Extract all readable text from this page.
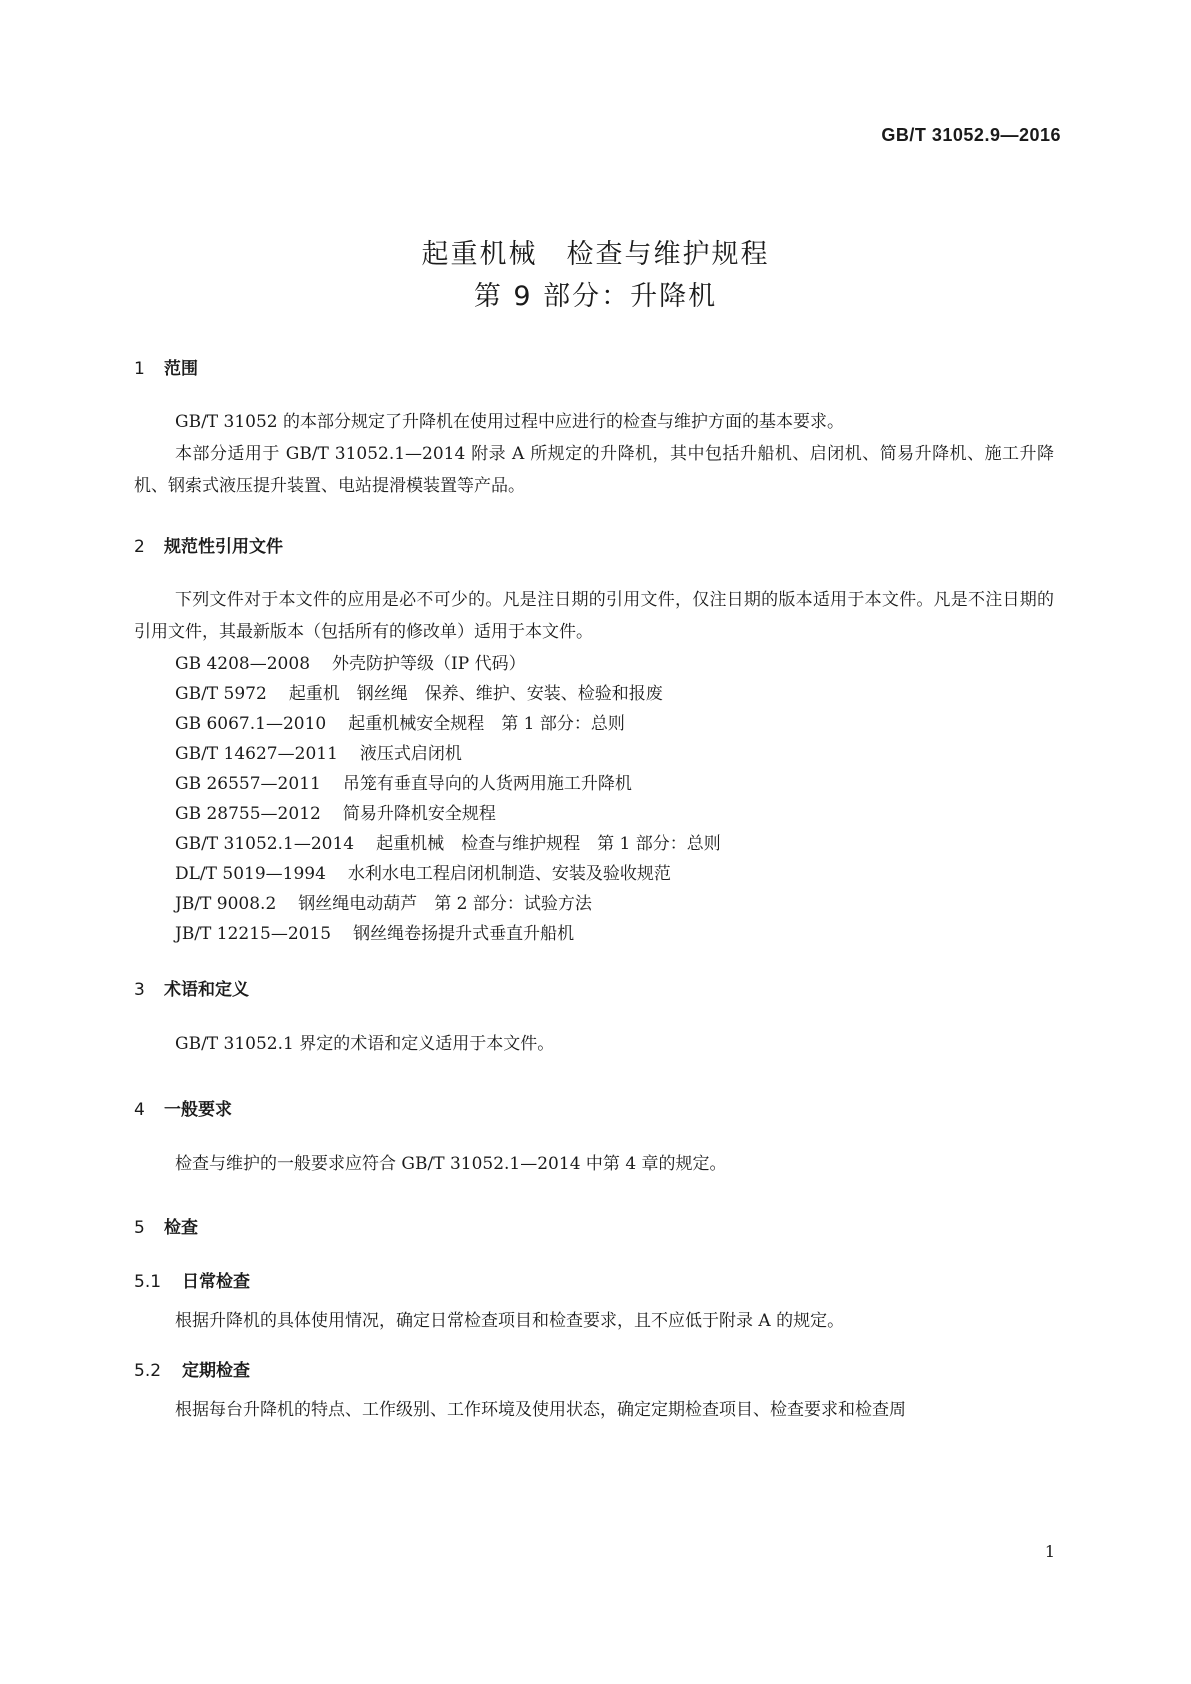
GB/T 31052.9—2016
起重机械　检查与维护规程
第 9 部分：升降机
1 范围
GB/T 31052 的本部分规定了升降机在使用过程中应进行的检查与维护方面的基本要求。
本部分适用于 GB/T 31052.1—2014 附录 A 所规定的升降机，其中包括升船机、启闭机、简易升降机、施工升降机、钢索式液压提升装置、电站提滑模装置等产品。
2 规范性引用文件
下列文件对于本文件的应用是必不可少的。凡是注日期的引用文件，仅注日期的版本适用于本文件。凡是不注日期的引用文件，其最新版本（包括所有的修改单）适用于本文件。
GB 4208—2008 外壳防护等级（IP 代码）
GB/T 5972 起重机　钢丝绳　保养、维护、安装、检验和报废
GB 6067.1—2010 起重机械安全规程　第 1 部分：总则
GB/T 14627—2011 液压式启闭机
GB 26557—2011 吊笼有垂直导向的人货两用施工升降机
GB 28755—2012 简易升降机安全规程
GB/T 31052.1—2014 起重机械　检查与维护规程　第 1 部分：总则
DL/T 5019—1994 水利水电工程启闭机制造、安装及验收规范
JB/T 9008.2 钢丝绳电动葫芦　第 2 部分：试验方法
JB/T 12215—2015 钢丝绳卷扬提升式垂直升船机
3 术语和定义
GB/T 31052.1 界定的术语和定义适用于本文件。
4 一般要求
检查与维护的一般要求应符合 GB/T 31052.1—2014 中第 4 章的规定。
5 检查
5.1 日常检查
根据升降机的具体使用情况，确定日常检查项目和检查要求，且不应低于附录 A 的规定。
5.2 定期检查
根据每台升降机的特点、工作级别、工作环境及使用状态，确定定期检查项目、检查要求和检查周
1
